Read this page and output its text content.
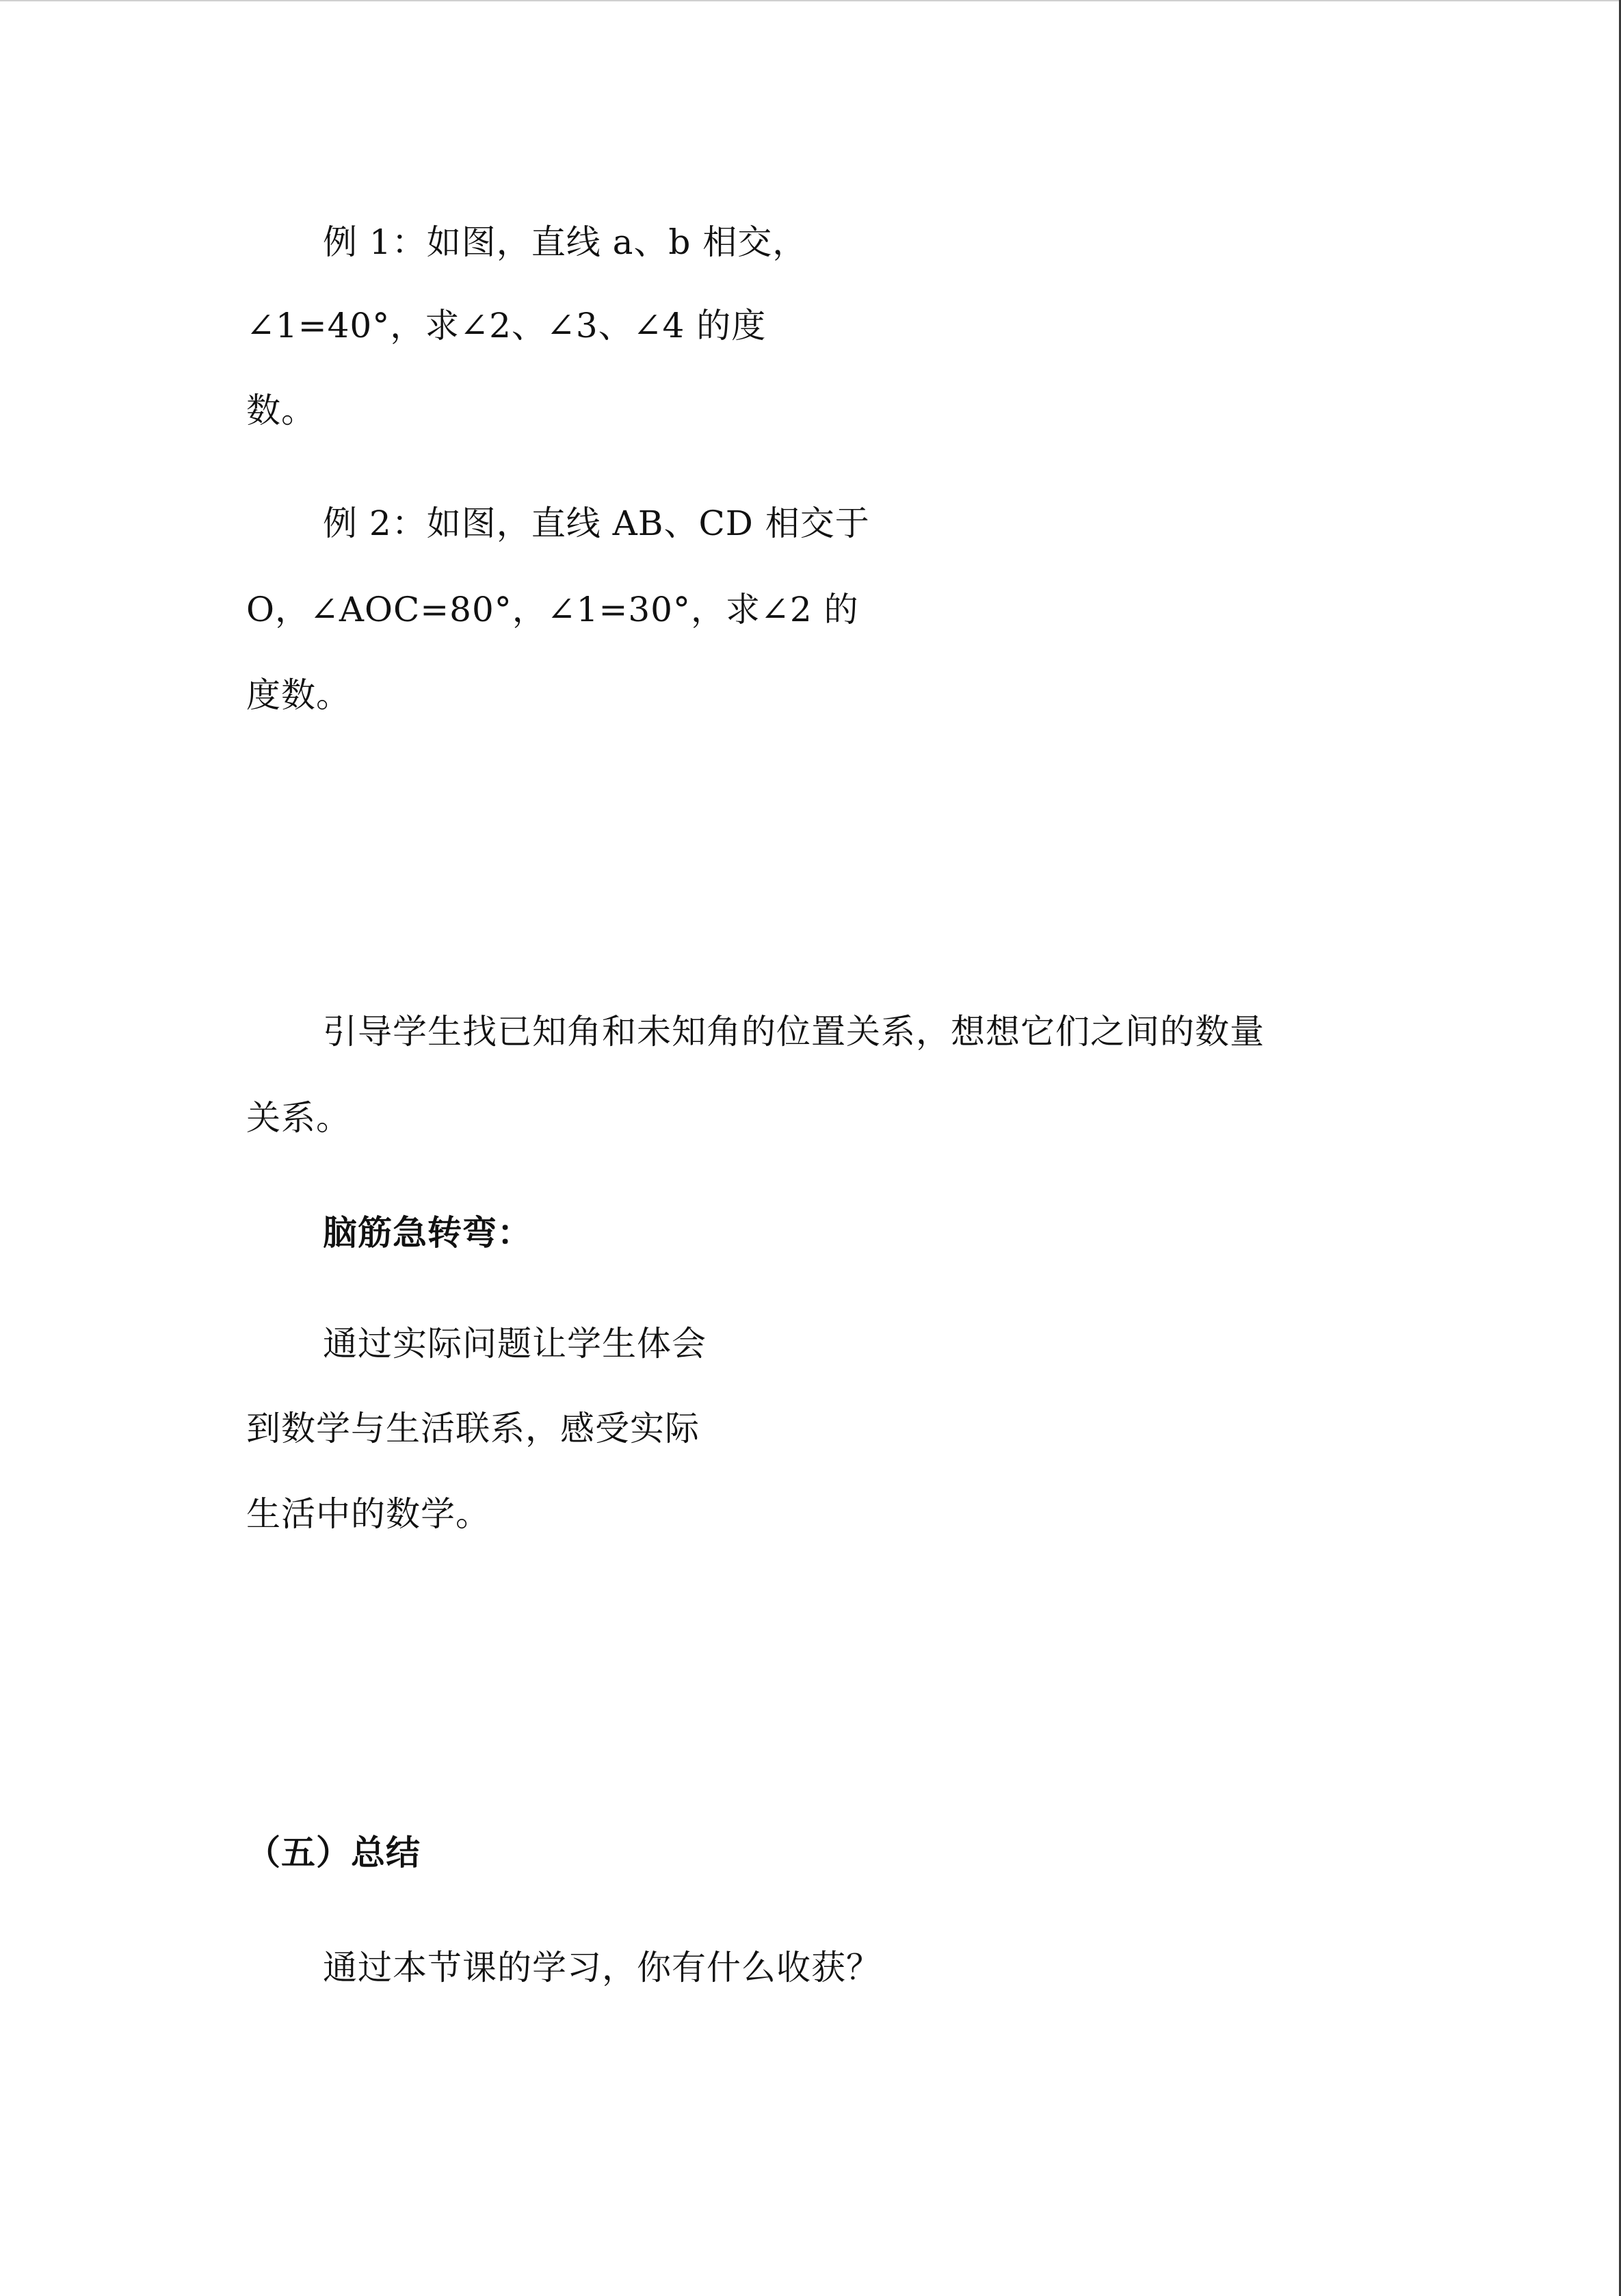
例 1：如图，直线 a、b 相交，
∠1=40°，求∠2、∠3、∠4 的度
数。
例 2：如图，直线 AB、CD 相交于
O，∠AOC=80°，∠1=30°，求∠2 的
度数。
引导学生找已知角和未知角的位置关系，想想它们之间的数量
关系。
脑筋急转弯：
通过实际问题让学生体会
到数学与生活联系，感受实际
生活中的数学。
（五）总结
通过本节课的学习，你有什么收获？
